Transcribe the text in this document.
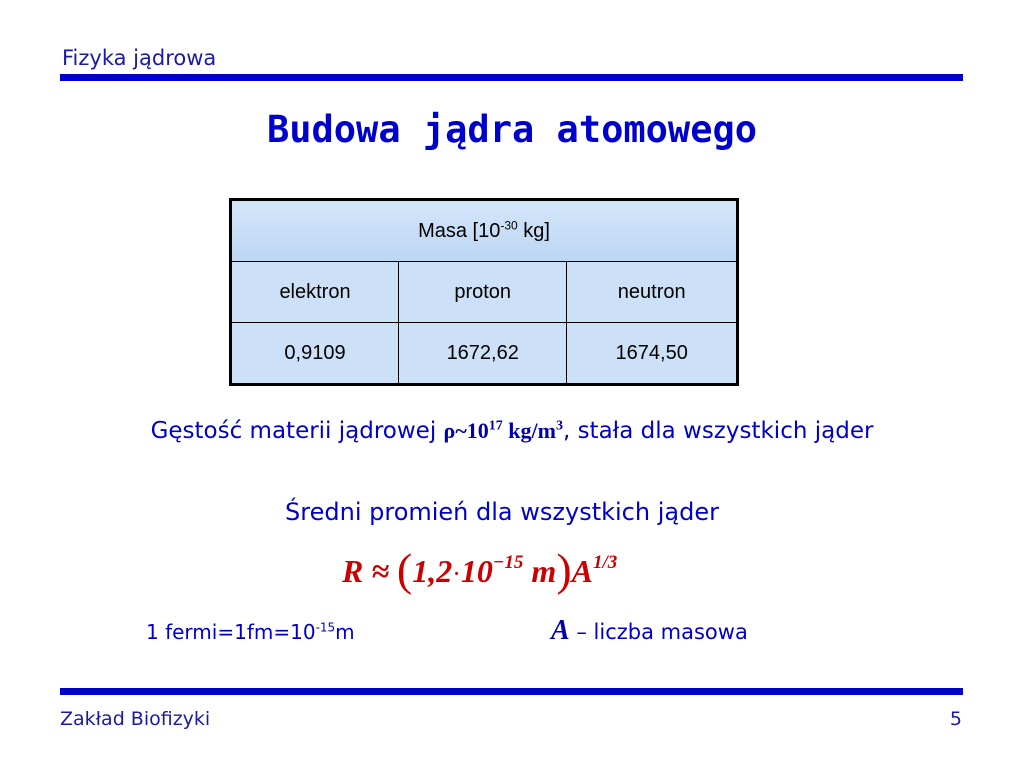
Fizyka jądrowa
Budowa jądra atomowego
Masa [$10^{-30}$ kg]		
elektron	proton	neutron
0,9109	1672,62	1674,50
Gęstość materii jądrowej $\rho\sim 10^{17}$ $kg/m^3$, stała dla wszystkich jąder
Średni promień dla wszystkich jąder
$R \approx (1,2\cdot 10^{-15}$ $m)A^{1/3}$
1 $fermi=1fm=10^{-15}m$	A – liczba masowa
Zakład Biofizyki	5
